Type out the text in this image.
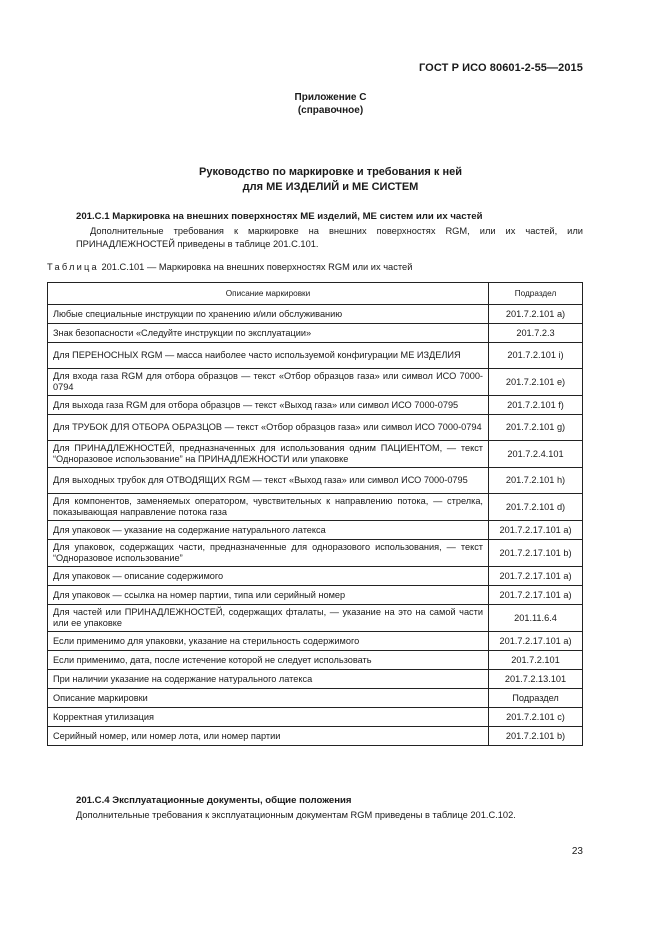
ГОСТ Р ИСО 80601-2-55—2015
Приложение С
(справочное)
Руководство по маркировке и требования к ней
для МЕ ИЗДЕЛИЙ и МЕ СИСТЕМ
201.С.1 Маркировка на внешних поверхностях МЕ изделий, МЕ систем или их частей
Дополнительные требования к маркировке на внешних поверхностях RGM, или их частей, или ПРИНАДЛЕЖНОСТЕЙ приведены в таблице 201.С.101.
Таблица 201.С.101 — Маркировка на внешних поверхностях RGM или их частей
Описание маркировки	Подраздел
Любые специальные инструкции по хранению и/или обслуживанию	201.7.2.101 a)
Знак безопасности «Следуйте инструкции по эксплуатации»	201.7.2.3
Для ПЕРЕНОСНЫХ RGM — масса наиболее часто используемой конфигурации МЕ ИЗДЕЛИЯ	201.7.2.101 i)
Для входа газа RGM для отбора образцов — текст «Отбор образцов газа» или символ ИСО 7000-0794	201.7.2.101 e)
Для выхода газа RGM для отбора образцов — текст «Выход газа» или символ ИСО 7000-0795	201.7.2.101 f)
Для ТРУБОК ДЛЯ ОТБОРА ОБРАЗЦОВ — текст «Отбор образцов газа» или символ ИСО 7000-0794	201.7.2.101 g)
Для ПРИНАДЛЕЖНОСТЕЙ, предназначенных для использования одним ПАЦИЕНТОМ, — текст “Одноразовое использование” на ПРИНАДЛЕЖНОСТИ или упаковке	201.7.2.4.101
Для выходных трубок для ОТВОДЯЩИХ RGM — текст «Выход газа» или символ ИСО 7000-0795	201.7.2.101 h)
Для компонентов, заменяемых оператором, чувствительных к направлению потока, — стрелка, показывающая направление потока газа	201.7.2.101 d)
Для упаковок — указание на содержание натурального латекса	201.7.2.17.101 a)
Для упаковок, содержащих части, предназначенные для одноразового использования, — текст “Одноразовое использование”	201.7.2.17.101 b)
Для упаковок — описание содержимого	201.7.2.17.101 a)
Для упаковок — ссылка на номер партии, типа или серийный номер	201.7.2.17.101 a)
Для частей или ПРИНАДЛЕЖНОСТЕЙ, содержащих фталаты, — указание на это на самой части или ее упаковке	201.11.6.4
Если применимо для упаковки, указание на стерильность содержимого	201.7.2.17.101 a)
Если применимо, дата, после истечение которой не следует использовать	201.7.2.101
При наличии указание на содержание натурального латекса	201.7.2.13.101
Описание маркировки	Подраздел
Корректная утилизация	201.7.2.101 c)
Серийный номер, или номер лота, или номер партии	201.7.2.101 b)
201.С.4 Эксплуатационные документы, общие положения
Дополнительные требования к эксплуатационным документам RGM приведены в таблице 201.С.102.
23
